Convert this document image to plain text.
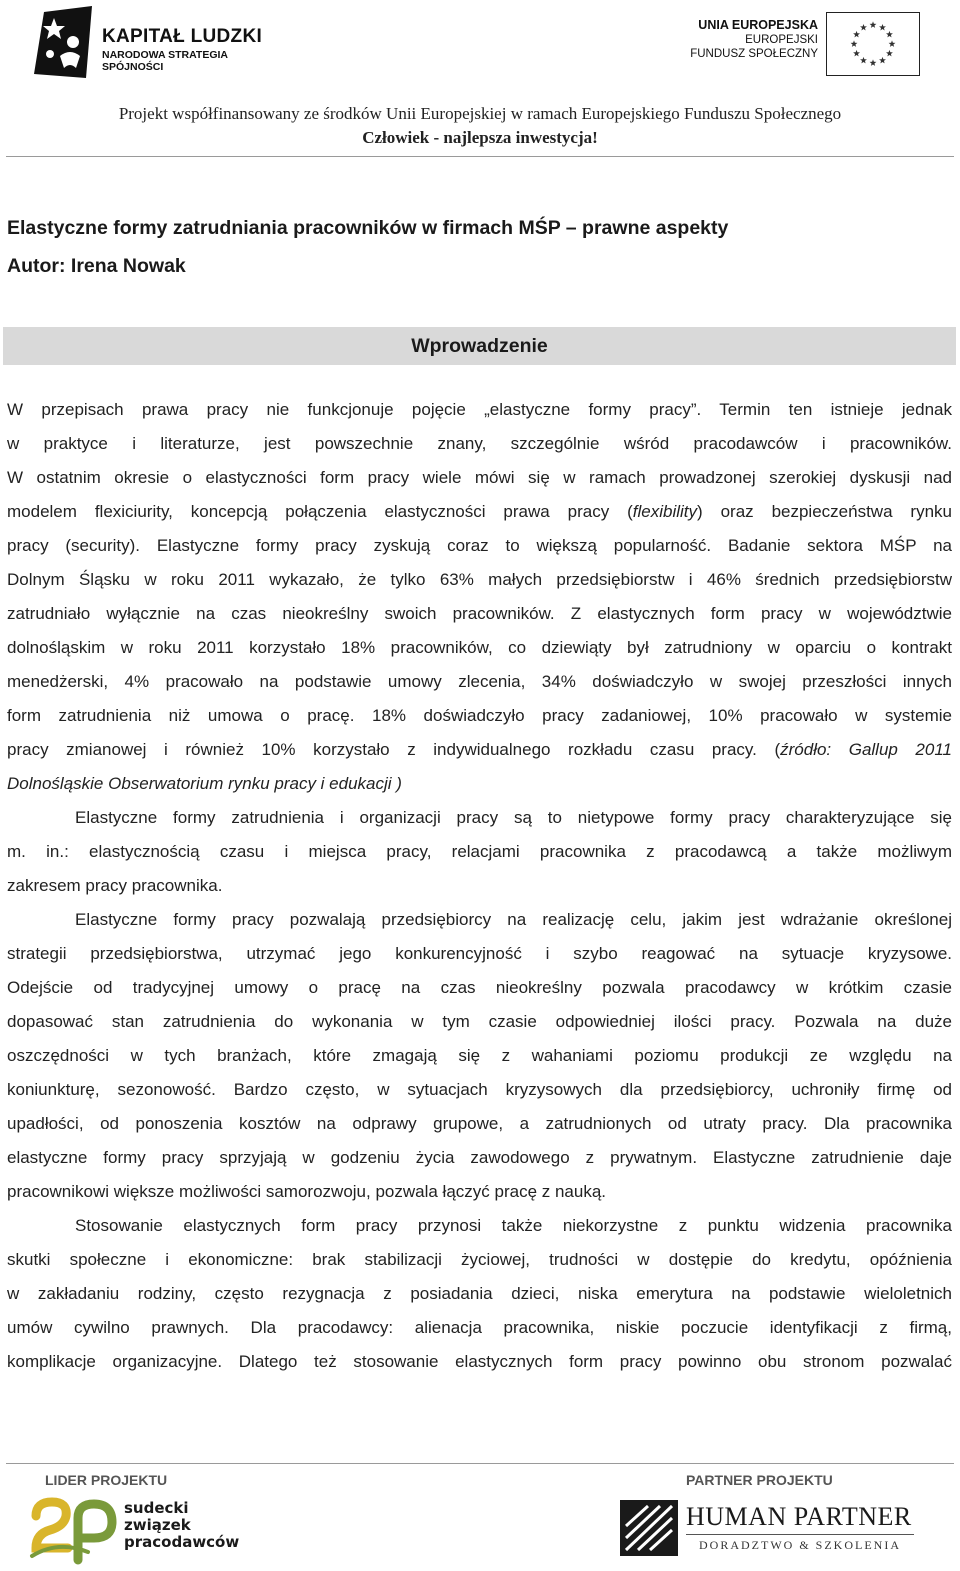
KAPITAŁ LUDZKI
NARODOWA STRATEGIA SPÓJNOŚCI
UNIA EUROPEJSKA
EUROPEJSKI
FUNDUSZ SPOŁECZNY
Projekt współfinansowany ze środków Unii Europejskiej w ramach Europejskiego Funduszu Społecznego
Człowiek - najlepsza inwestycja!
Elastyczne formy zatrudniania pracowników w firmach MŚP – prawne aspekty
Autor: Irena Nowak
Wprowadzenie
W przepisach prawa pracy nie funkcjonuje pojęcie „elastyczne formy pracy”. Termin ten istnieje jednak
w praktyce i literaturze, jest powszechnie znany, szczególnie wśród pracodawców i pracowników.
W ostatnim okresie o elastyczności form pracy wiele mówi się w ramach prowadzonej szerokiej dyskusji nad
modelem flexiciurity, koncepcją połączenia elastyczności prawa pracy (flexibility) oraz bezpieczeństwa rynku
pracy (security). Elastyczne formy pracy zyskują coraz to większą popularność. Badanie sektora MŚP na
Dolnym Śląsku w roku 2011 wykazało, że tylko 63% małych przedsiębiorstw i 46% średnich przedsiębiorstw
zatrudniało wyłącznie na czas nieokreślny swoich pracowników. Z elastycznych form pracy w województwie
dolnośląskim w roku 2011 korzystało 18% pracowników, co dziewiąty był zatrudniony w oparciu o kontrakt
menedżerski, 4% pracowało na podstawie umowy zlecenia, 34% doświadczyło w swojej przeszłości innych
form zatrudnienia niż umowa o pracę. 18% doświadczyło pracy zadaniowej, 10% pracowało w systemie
pracy zmianowej i również 10% korzystało z indywidualnego rozkładu czasu pracy. (źródło: Gallup 2011
Dolnośląskie Obserwatorium rynku pracy i edukacji )
Elastyczne formy zatrudnienia i organizacji pracy są to nietypowe formy pracy charakteryzujące się
m. in.: elastycznością czasu i miejsca pracy, relacjami pracownika z pracodawcą a także możliwym
zakresem pracy pracownika.
Elastyczne formy pracy pozwalają przedsiębiorcy na realizację celu, jakim jest wdrażanie określonej
strategii przedsiębiorstwa, utrzymać jego konkurencyjność i szybo reagować na sytuacje kryzysowe.
Odejście od tradycyjnej umowy o pracę na czas nieokreślny pozwala pracodawcy w krótkim czasie
dopasować stan zatrudnienia do wykonania w tym czasie odpowiedniej ilości pracy. Pozwala na duże
oszczędności w tych branżach, które zmagają się z wahaniami poziomu produkcji ze względu na
koniunkturę, sezonowość. Bardzo często, w sytuacjach kryzysowych dla przedsiębiorcy, uchroniły firmę od
upadłości, od ponoszenia kosztów na odprawy grupowe, a zatrudnionych od utraty pracy. Dla pracownika
elastyczne formy pracy sprzyjają w godzeniu życia zawodowego z prywatnym. Elastyczne zatrudnienie daje
pracownikowi większe możliwości samorozwoju, pozwala łączyć pracę z nauką.
Stosowanie elastycznych form pracy przynosi także niekorzystne z punktu widzenia pracownika
skutki społeczne i ekonomiczne: brak stabilizacji życiowej, trudności w dostępie do kredytu, opóźnienia
w zakładaniu rodziny, często rezygnacja z posiadania dzieci, niska emerytura na podstawie wieloletnich
umów cywilno prawnych. Dla pracodawcy: alienacja pracownika, niskie poczucie identyfikacji z firmą,
komplikacje organizacyjne. Dlatego też stosowanie elastycznych form pracy powinno obu stronom pozwalać
LIDER PROJEKTU	PARTNER PROJEKTU
sudecki
związek
pracodawców
HUMAN PARTNER
DORADZTWO & SZKOLENIA
